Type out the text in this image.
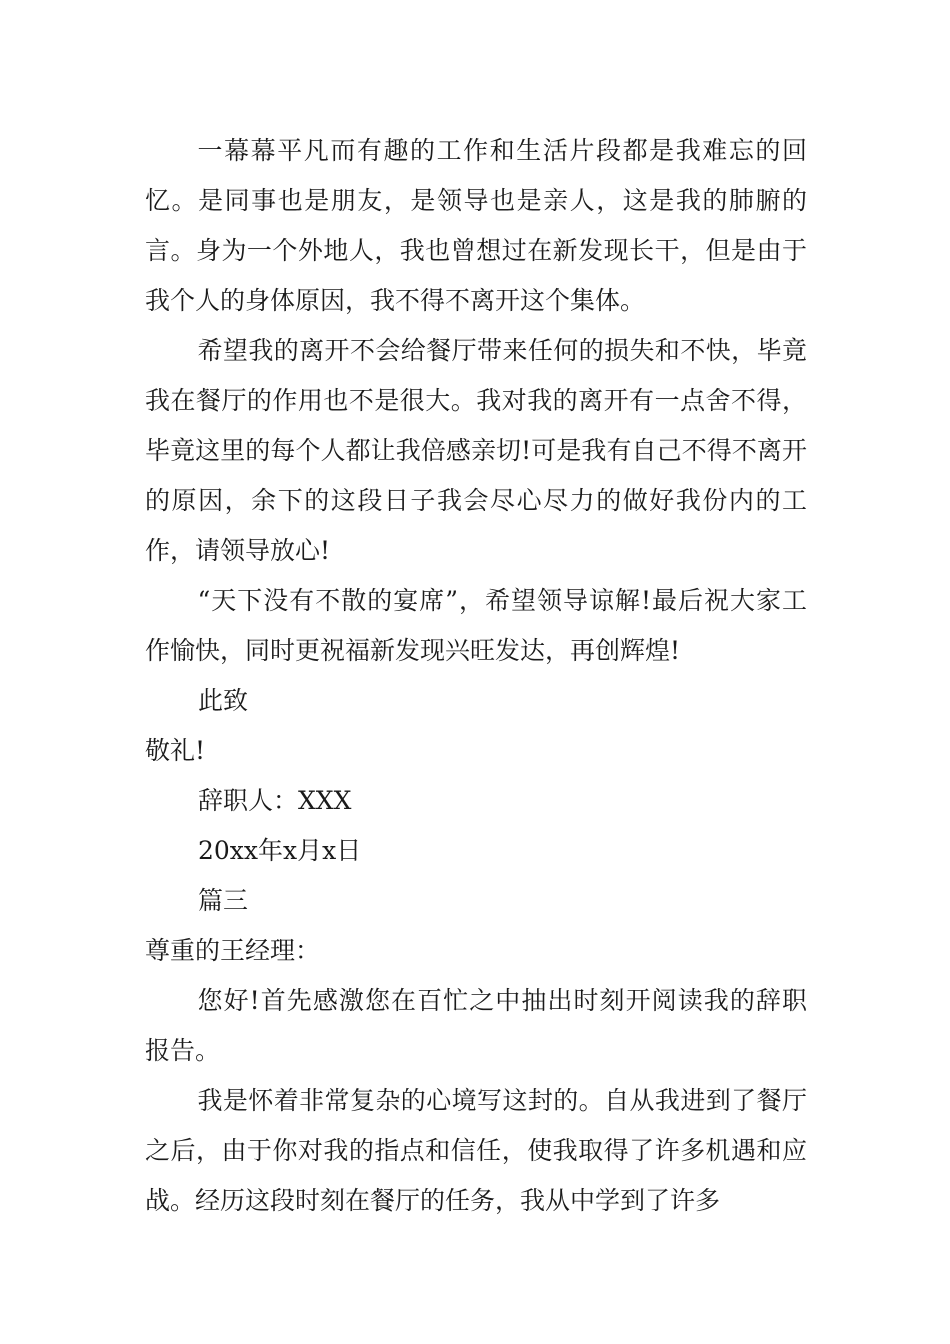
一幕幕平凡而有趣的工作和生活片段都是我难忘的回忆。是同事也是朋友，是领导也是亲人，这是我的肺腑的言。身为一个外地人，我也曾想过在新发现长干，但是由于我个人的身体原因，我不得不离开这个集体。

希望我的离开不会给餐厅带来任何的损失和不快，毕竟我在餐厅的作用也不是很大。我对我的离开有一点舍不得，毕竟这里的每个人都让我倍感亲切!可是我有自己不得不离开的原因，余下的这段日子我会尽心尽力的做好我份内的工作，请领导放心!

“天下没有不散的宴席”，希望领导谅解!最后祝大家工作愉快，同时更祝福新发现兴旺发达，再创辉煌!

此致

敬礼!

辞职人：XXX

20xx年x月x日

篇三

尊重的王经理：

您好!首先感激您在百忙之中抽出时刻开阅读我的辞职报告。

我是怀着非常复杂的心境写这封的。自从我进到了餐厅之后，由于你对我的指点和信任，使我取得了许多机遇和应战。经历这段时刻在餐厅的任务，我从中学到了许多
